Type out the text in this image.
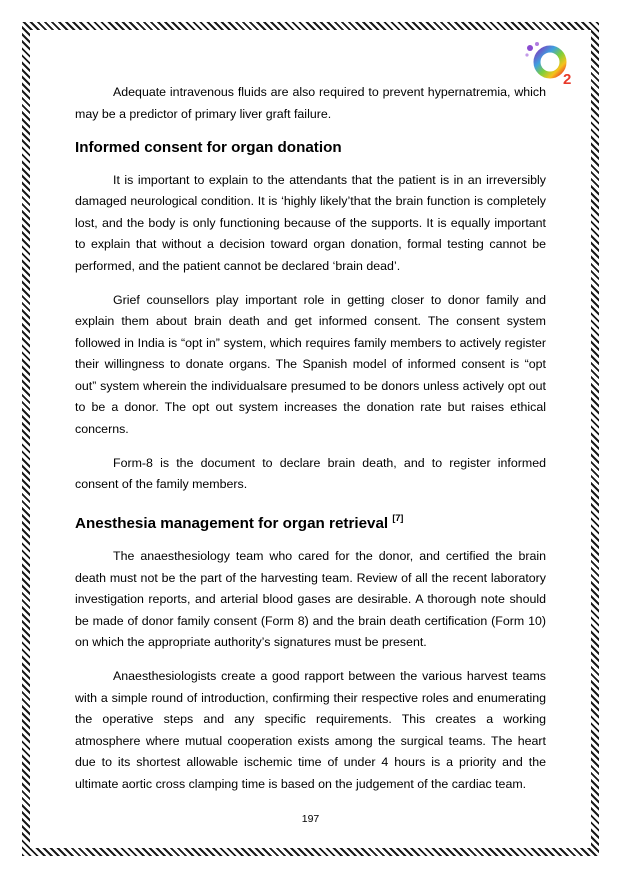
2

Adequate intravenous fluids are also required to prevent hypernatremia, which may be a predictor of primary liver graft failure.

Informed consent for organ donation

It is important to explain to the attendants that the patient is in an irreversibly damaged neurological condition. It is ‘highly likely’that the brain function is completely lost, and the body is only functioning because of the supports. It is equally important to explain that without a decision toward organ donation, formal testing cannot be performed, and the patient cannot be declared ‘brain dead’.

Grief counsellors play important role in getting closer to donor family and explain them about brain death and get informed consent. The consent system followed in India is “opt in” system, which requires family members to actively register their willingness to donate organs. The Spanish model of informed consent is “opt out” system wherein the individualsare presumed to be donors unless actively opt out to be a donor. The opt out system increases the donation rate but raises ethical concerns.

Form-8 is the document to declare brain death, and to register informed consent of the family members.

Anesthesia management for organ retrieval [7]

The anaesthesiology team who cared for the donor, and certified the brain death must not be the part of the harvesting team. Review of all the recent laboratory investigation reports, and arterial blood gases are desirable. A thorough note should be made of donor family consent (Form 8) and the brain death certification (Form 10) on which the appropriate authority’s signatures must be present.

Anaesthesiologists create a good rapport between the various harvest teams with a simple round of introduction, confirming their respective roles and enumerating the operative steps and any specific requirements. This creates a working atmosphere where mutual cooperation exists among the surgical teams. The heart due to its shortest allowable ischemic time of under 4 hours is a priority and the ultimate aortic cross clamping time is based on the judgement of the cardiac team.

197
